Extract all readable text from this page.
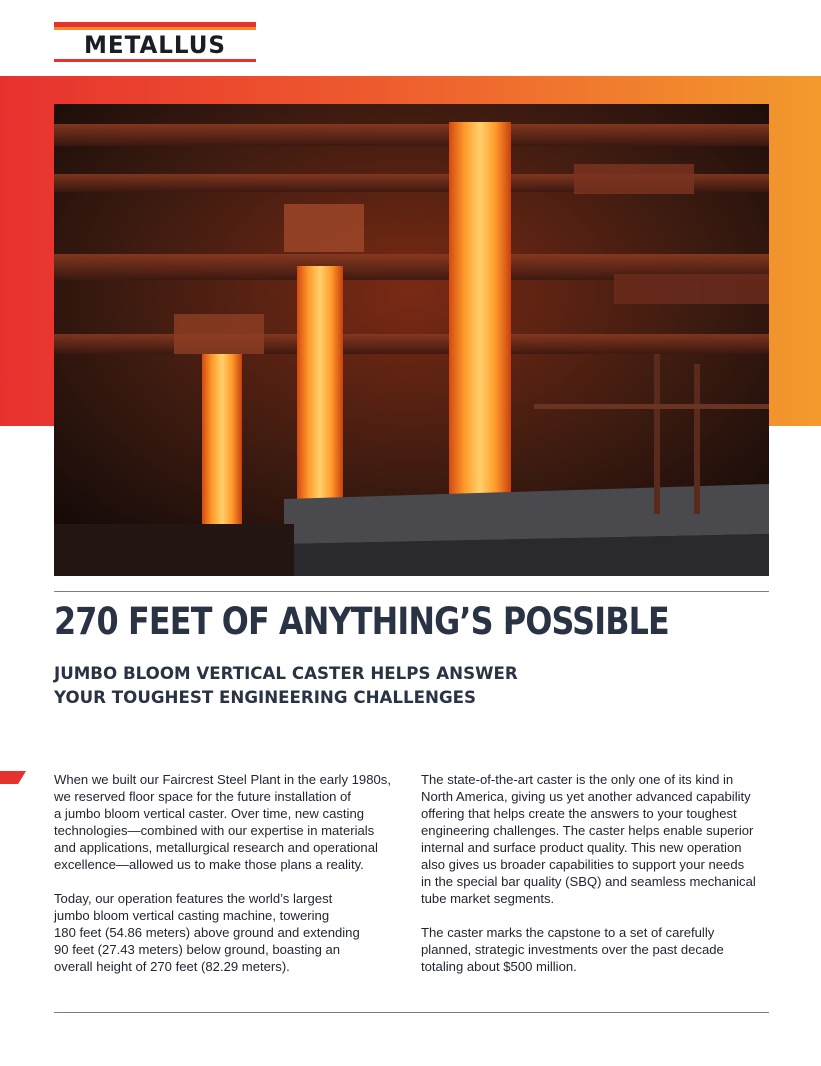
METALLUS
270 FEET OF ANYTHING’S POSSIBLE
JUMBO BLOOM VERTICAL CASTER HELPS ANSWER
YOUR TOUGHEST ENGINEERING CHALLENGES

When we built our Faircrest Steel Plant in the early 1980s,
we reserved floor space for the future installation of
a jumbo bloom vertical caster. Over time, new casting
technologies—combined with our expertise in materials
and applications, metallurgical research and operational
excellence—allowed us to make those plans a reality.

Today, our operation features the world’s largest
jumbo bloom vertical casting machine, towering
180 feet (54.86 meters) above ground and extending
90 feet (27.43 meters) below ground, boasting an
overall height of 270 feet (82.29 meters).

The state-of-the-art caster is the only one of its kind in
North America, giving us yet another advanced capability
offering that helps create the answers to your toughest
engineering challenges. The caster helps enable superior
internal and surface product quality. This new operation
also gives us broader capabilities to support your needs
in the special bar quality (SBQ) and seamless mechanical
tube market segments.

The caster marks the capstone to a set of carefully
planned, strategic investments over the past decade
totaling about $500 million.
